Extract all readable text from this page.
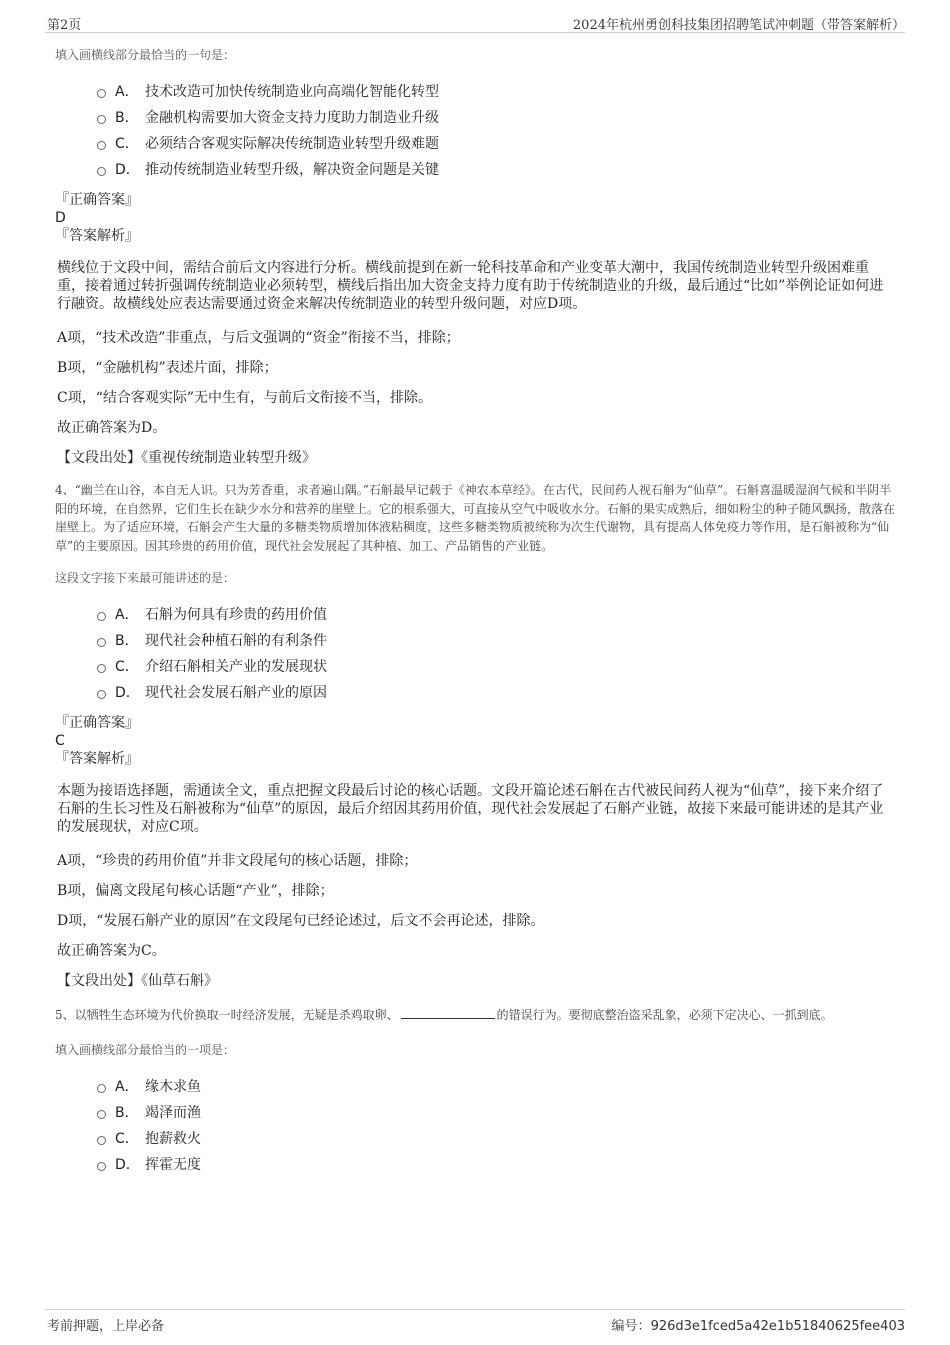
第2页	2024年杭州勇创科技集团招聘笔试冲刺题（带答案解析）
填入画横线部分最恰当的一句是：
A． 技术改造可加快传统制造业向高端化智能化转型
B． 金融机构需要加大资金支持力度助力制造业升级
C． 必须结合客观实际解决传统制造业转型升级难题
D． 推动传统制造业转型升级，解决资金问题是关键
『正确答案』
D
『答案解析』
横线位于文段中间，需结合前后文内容进行分析。横线前提到在新一轮科技革命和产业变革大潮中，我国传统制造业转型升级困难重重，接着通过转折强调传统制造业必须转型，横线后指出加大资金支持力度有助于传统制造业的升级，最后通过“比如”举例论证如何进行融资。故横线处应表达需要通过资金来解决传统制造业的转型升级问题，对应D项。
A项，“技术改造”非重点，与后文强调的“资金”衔接不当，排除；
B项，“金融机构”表述片面，排除；
C项，“结合客观实际”无中生有，与前后文衔接不当，排除。
故正确答案为D。
【文段出处】《重视传统制造业转型升级》
4、“幽兰在山谷，本自无人识。只为芳香重，求者遍山隅。”石斛最早记载于《神农本草经》。在古代，民间药人视石斛为“仙草”。石斛喜温暖湿润气候和半阴半阳的环境，在自然界，它们生长在缺少水分和营养的崖壁上。它的根系强大，可直接从空气中吸收水分。石斛的果实成熟后，细如粉尘的种子随风飘扬，散落在崖壁上。为了适应环境，石斛会产生大量的多糖类物质增加体液粘稠度，这些多糖类物质被统称为次生代谢物，具有提高人体免疫力等作用，是石斛被称为“仙草”的主要原因。因其珍贵的药用价值，现代社会发展起了其种植、加工、产品销售的产业链。
这段文字接下来最可能讲述的是：
A． 石斛为何具有珍贵的药用价值
B． 现代社会种植石斛的有利条件
C． 介绍石斛相关产业的发展现状
D． 现代社会发展石斛产业的原因
『正确答案』
C
『答案解析』
本题为接语选择题，需通读全文，重点把握文段最后讨论的核心话题。文段开篇论述石斛在古代被民间药人视为“仙草”，接下来介绍了石斛的生长习性及石斛被称为“仙草”的原因，最后介绍因其药用价值，现代社会发展起了石斛产业链，故接下来最可能讲述的是其产业的发展现状，对应C项。
A项，“珍贵的药用价值”并非文段尾句的核心话题，排除；
B项，偏离文段尾句核心话题“产业”，排除；
D项，“发展石斛产业的原因”在文段尾句已经论述过，后文不会再论述，排除。
故正确答案为C。
【文段出处】《仙草石斛》
5、以牺牲生态环境为代价换取一时经济发展，无疑是杀鸡取卵、	的错误行为。要彻底整治盗采乱象，必须下定决心、一抓到底。
填入画横线部分最恰当的一项是：
A． 缘木求鱼
B． 竭泽而渔
C． 抱薪救火
D． 挥霍无度
考前押题，上岸必备	编号：926d3e1fced5a42e1b51840625fee403
